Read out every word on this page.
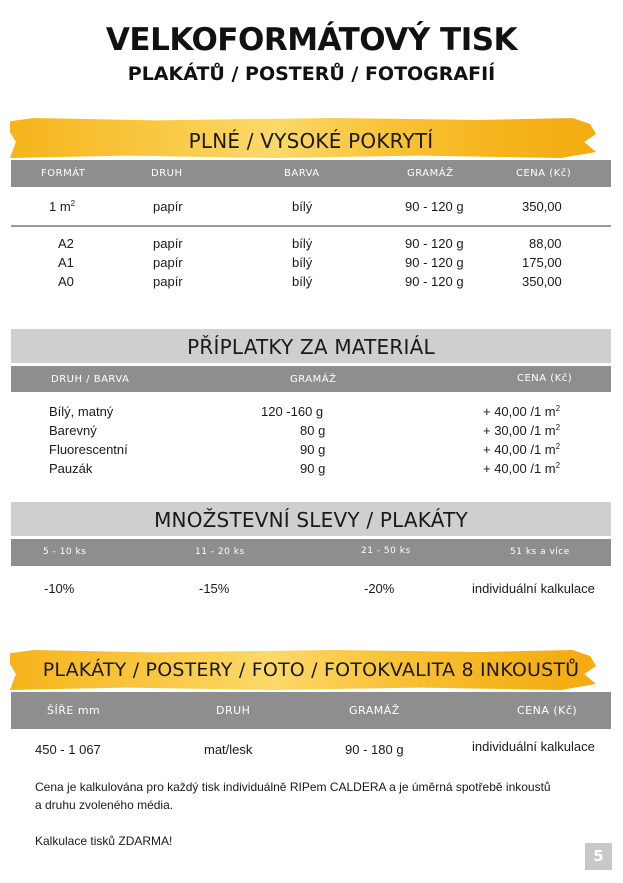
VELKOFORMÁTOVÝ TISK
PLAKÁTŮ / POSTERŮ / FOTOGRAFIÍ
PLNÉ / VYSOKÉ POKRYTÍ
FORMÁT	DRUH	BARVA	GRAMÁŽ	CENA (Kč)
1 $m^2$	papír	bílý	90 - 120 g	350,00
A2	papír	bílý	90 - 120 g	88,00
A1	papír	bílý	90 - 120 g	175,00
A0	papír	bílý	90 - 120 g	350,00
PŘÍPLATKY ZA MATERIÁL
DRUH / BARVA	GRAMÁŽ	CENA (Kč)
Bílý, matný	120 -160 g	+ 40,00 /1 $m^2$
Barevný	80 g	+ 30,00 /1 $m^2$
Fluorescentní	90 g	+ 40,00 /1 $m^2$
Pauzák	90 g	+ 40,00 /1 $m^2$
MNOŽSTEVNÍ SLEVY / PLAKÁTY
5 - 10 ks	11 - 20 ks	21 - 50 ks	51 ks a více
-10%	-15%	-20%	individuální kalkulace
PLAKÁTY / POSTERY / FOTO / FOTOKVALITA 8 INKOUSTŮ
ŠÍŘE mm	DRUH	GRAMÁŽ	CENA (Kč)
450 - 1 067	mat/lesk	90 - 180 g	individuální kalkulace
Cena je kalkulována pro každý tisk individuálně RIPem CALDERA a je úměrná spotřebě inkoustů
a druhu zvoleného média.
Kalkulace tisků ZDARMA!
5
